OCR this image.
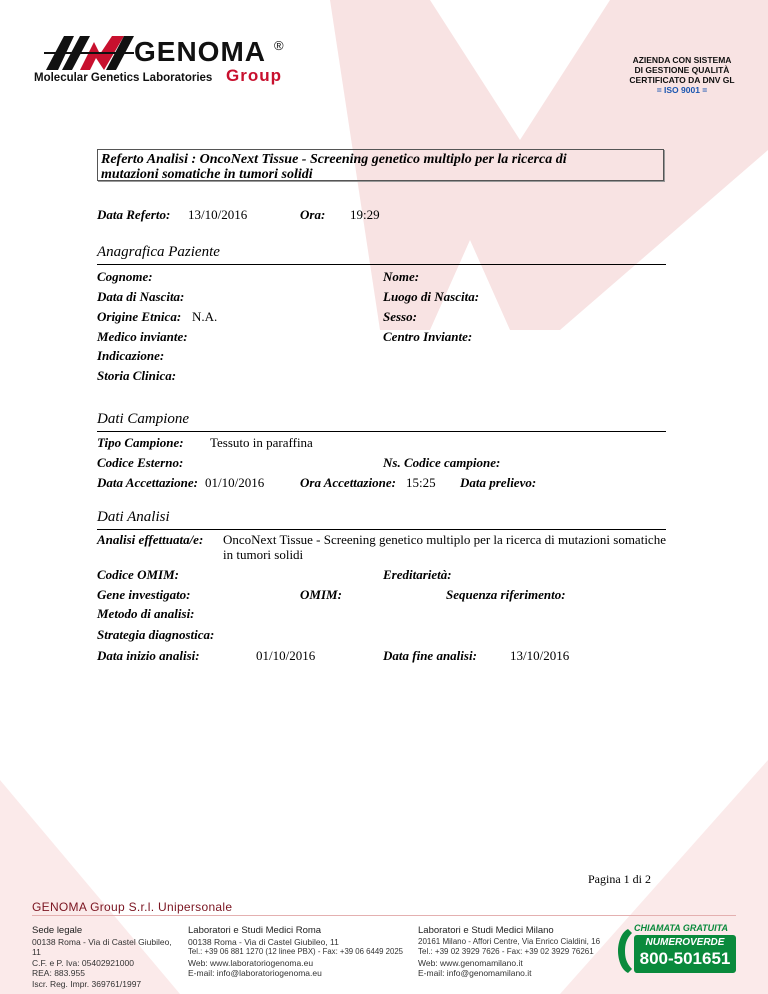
GENOMA ®
Molecular Genetics Laboratories Group
AZIENDA CON SISTEMA
DI GESTIONE QUALITÀ
CERTIFICATO DA DNV GL
= ISO 9001 =
Referto Analisi : OncoNext Tissue - Screening genetico multiplo per la ricerca di
mutazioni somatiche in tumori solidi
Data Referto: 13/10/2016	Ora: 19:29
Anagrafica Paziente
Cognome:	Nome:
Data di Nascita:	Luogo di Nascita:
Origine Etnica: N.A.	Sesso:
Medico inviante:	Centro Inviante:
Indicazione:
Storia Clinica:
Dati Campione
Tipo Campione: Tessuto in paraffina
Codice Esterno:	Ns. Codice campione:
Data Accettazione: 01/10/2016	Ora Accettazione: 15:25 Data prelievo:
Dati Analisi
Analisi effettuata/e: OncoNext Tissue - Screening genetico multiplo per la ricerca di mutazioni somatiche
in tumori solidi
Codice OMIM:	Ereditarietà:
Gene investigato:	OMIM:	Sequenza riferimento:
Metodo di analisi:
Strategia diagnostica:
Data inizio analisi:	01/10/2016	Data fine analisi:	13/10/2016
Pagina 1 di 2
GENOMA Group S.r.l. Unipersonale
Sede legale
00138 Roma - Via di Castel Giubileo, 11
C.F. e P. Iva: 05402921000
REA: 883.955
Iscr. Reg. Impr. 369761/1997
Laboratori e Studi Medici Roma
00138 Roma - Via di Castel Giubileo, 11
Tel.: +39 06 881 1270 (12 linee PBX) - Fax: +39 06 6449 2025
Web: www.laboratoriogenoma.eu
E-mail: info@laboratoriogenoma.eu
Laboratori e Studi Medici Milano
20161 Milano - Affori Centre, Via Enrico Cialdini, 16
Tel.: +39 02 3929 7626 - Fax: +39 02 3929 76261
Web: www.genomamilano.it
E-mail: info@genomamilano.it
CHIAMATA GRATUITA
NUMEROVERDE
800-501651
